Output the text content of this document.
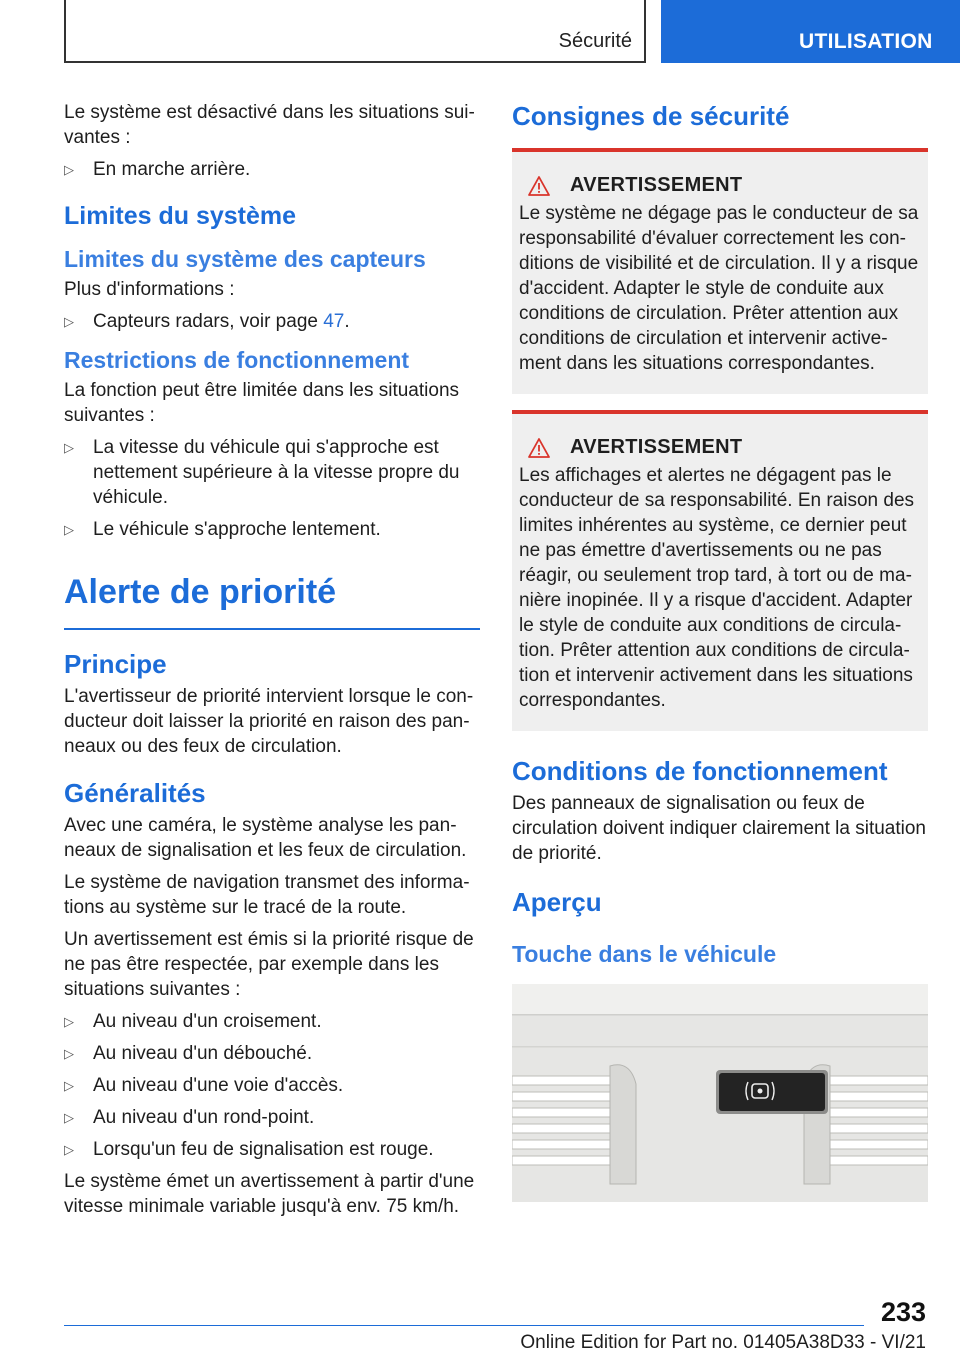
Sécurité	UTILISATION

Le système est désactivé dans les situations suivantes :

▷ En marche arrière.
Limites du système
Limites du système des capteurs

Plus d'informations :

▷ Capteurs radars, voir page 47.
Restrictions de fonctionnement

La fonction peut être limitée dans les situations suivantes :

▷ La vitesse du véhicule qui s'approche est nettement supérieure à la vitesse propre du véhicule.
▷ Le véhicule s'approche lentement.
Alerte de priorité
Principe

L'avertisseur de priorité intervient lorsque le conducteur doit laisser la priorité en raison des panneaux ou des feux de circulation.

Généralités

Avec une caméra, le système analyse les panneaux de signalisation et les feux de circulation.

Le système de navigation transmet des informations au système sur le tracé de la route.

Un avertissement est émis si la priorité risque de ne pas être respectée, par exemple dans les situations suivantes :

▷ Au niveau d'un croisement.
▷ Au niveau d'un débouché.
▷ Au niveau d'une voie d'accès.
▷ Au niveau d'un rond-point.
▷ Lorsqu'un feu de signalisation est rouge.

Le système émet un avertissement à partir d'une vitesse minimale variable jusqu'à env. 75 km/h.

Consignes de sécurité
AVERTISSEMENT

Le système ne dégage pas le conducteur de sa responsabilité d'évaluer correctement les conditions de visibilité et de circulation. Il y a risque d'accident. Adapter le style de conduite aux conditions de circulation. Prêter attention aux conditions de circulation et intervenir activement dans les situations correspondantes.

AVERTISSEMENT

Les affichages et alertes ne dégagent pas le conducteur de sa responsabilité. En raison des limites inhérentes au système, ce dernier peut ne pas émettre d'avertissements ou ne pas réagir, ou seulement trop tard, à tort ou de manière inopinée. Il y a risque d'accident. Adapter le style de conduite aux conditions de circulation. Prêter attention aux conditions de circulation et intervenir activement dans les situations correspondantes.

Conditions de fonctionnement

Des panneaux de signalisation ou feux de circulation doivent indiquer clairement la situation de priorité.

Aperçu
Touche dans le véhicule
233
Online Edition for Part no. 01405A38D33 - VI/21
